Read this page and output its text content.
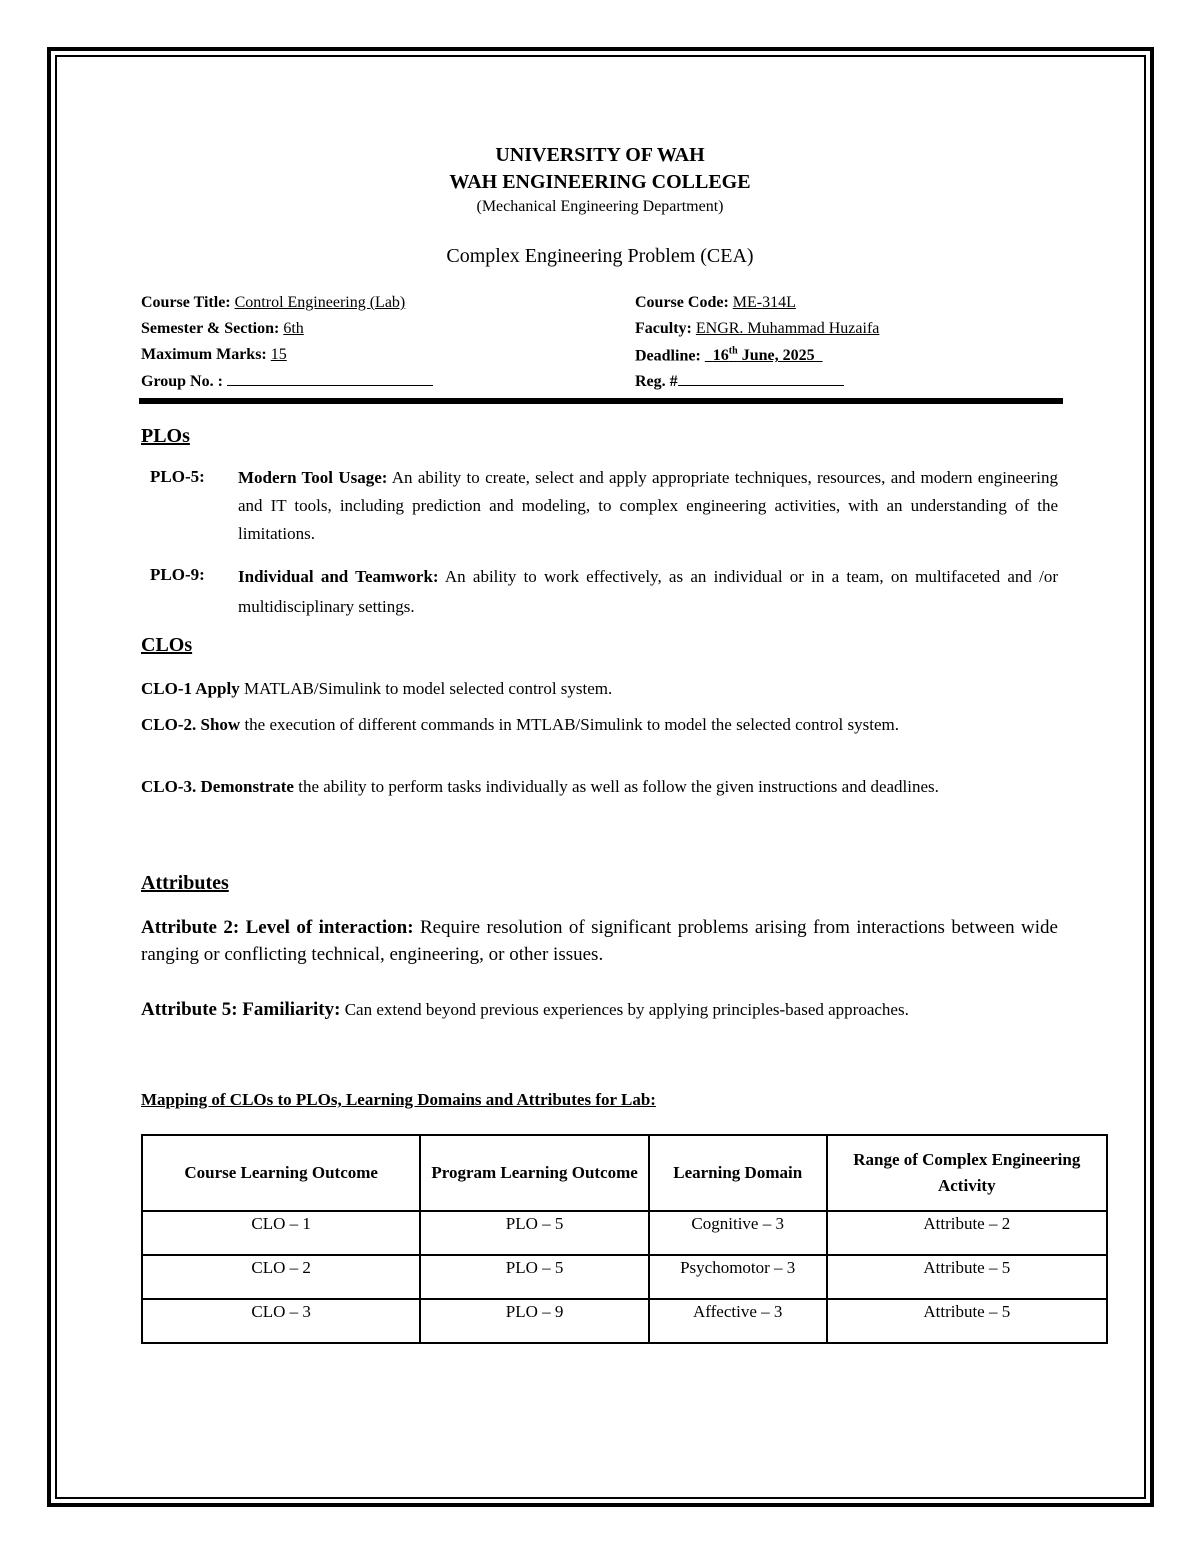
UNIVERSITY OF WAH
WAH ENGINEERING COLLEGE
(Mechanical Engineering Department)
Complex Engineering Problem (CEA)
Course Title: Control Engineering (Lab)
Semester & Section: 6th
Maximum Marks: 15
Group No. :
Course Code: ME-314L
Faculty: ENGR. Muhammad Huzaifa
Deadline: 16th June, 2025
Reg. #
PLOs
PLO-5: Modern Tool Usage: An ability to create, select and apply appropriate techniques, resources, and modern engineering and IT tools, including prediction and modeling, to complex engineering activities, with an understanding of the limitations.
PLO-9: Individual and Teamwork: An ability to work effectively, as an individual or in a team, on multifaceted and /or multidisciplinary settings.
CLOs
CLO-1 Apply MATLAB/Simulink to model selected control system.
CLO-2. Show the execution of different commands in MTLAB/Simulink to model the selected control system.
CLO-3. Demonstrate the ability to perform tasks individually as well as follow the given instructions and deadlines.
Attributes
Attribute 2: Level of interaction: Require resolution of significant problems arising from interactions between wide ranging or conflicting technical, engineering, or other issues.
Attribute 5: Familiarity: Can extend beyond previous experiences by applying principles-based approaches.
Mapping of CLOs to PLOs, Learning Domains and Attributes for Lab:
Course Learning Outcome	Program Learning Outcome	Learning Domain	Range of Complex Engineering Activity
CLO – 1	PLO – 5	Cognitive – 3	Attribute – 2
CLO – 2	PLO – 5	Psychomotor – 3	Attribute – 5
CLO – 3	PLO – 9	Affective – 3	Attribute – 5
